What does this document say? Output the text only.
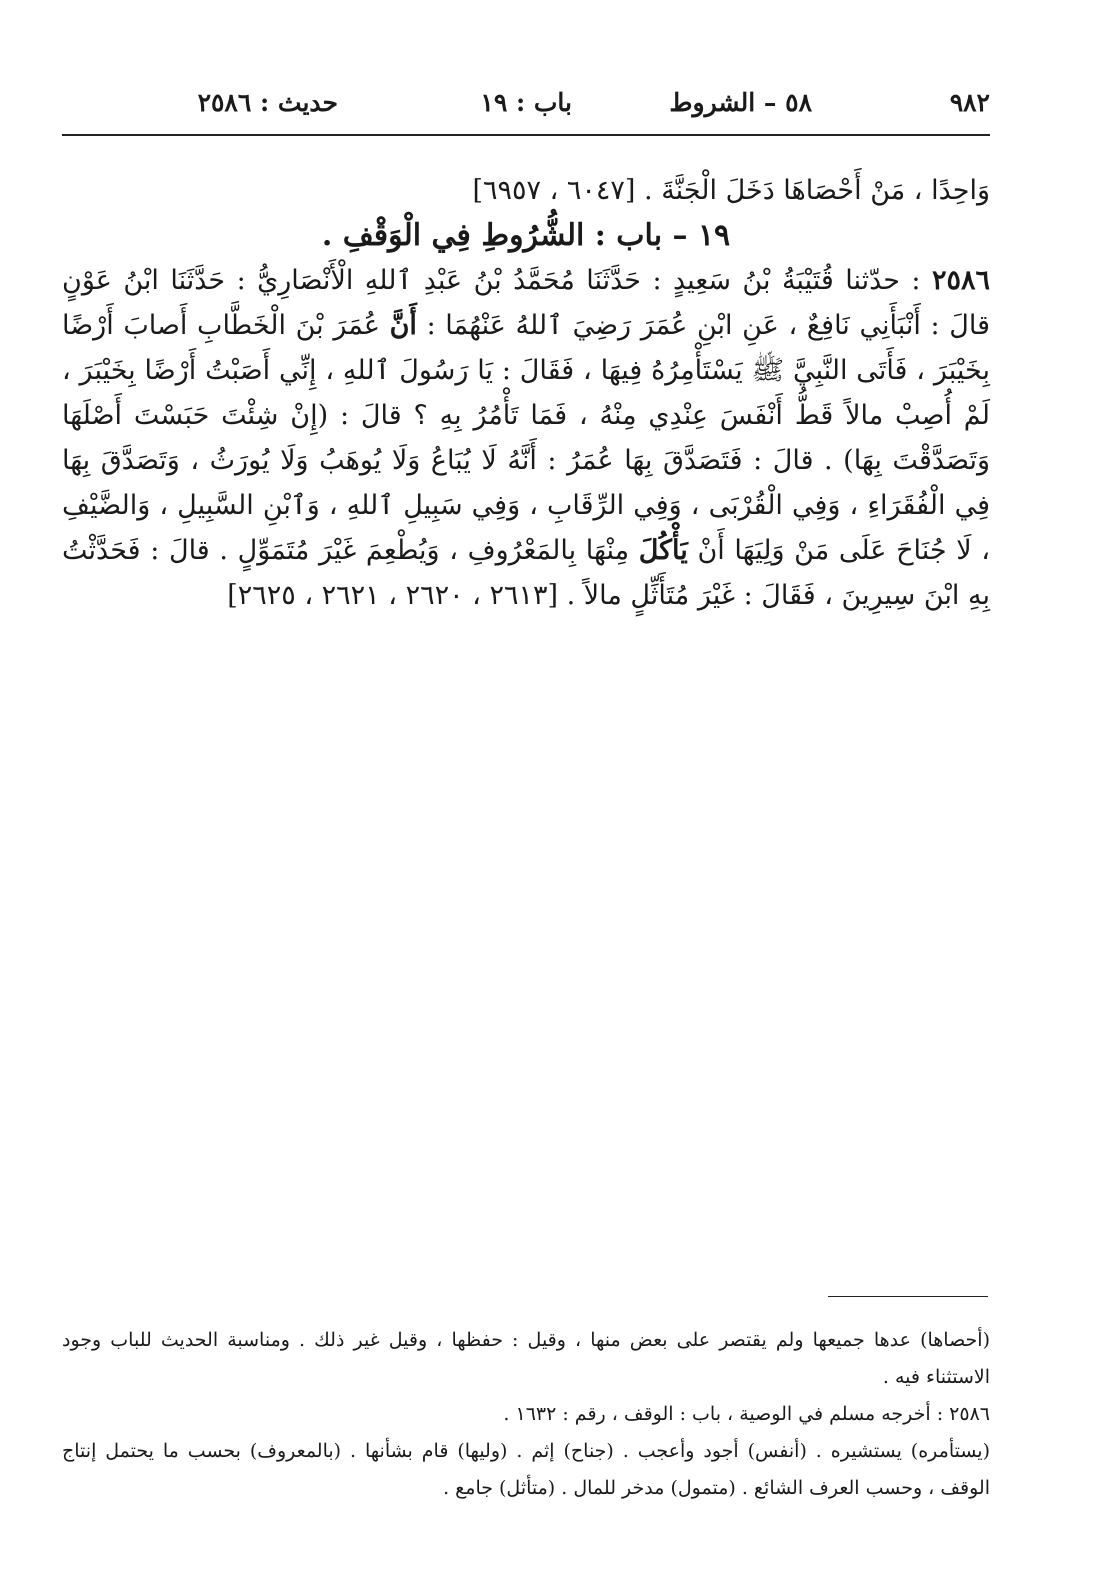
٩٨٢
٥٨ – الشروط
باب : ١٩
حديث : ٢٥٨٦

وَاحِدًا ، مَنْ أَحْصَاهَا دَخَلَ الْجَنَّةَ . [٦٠٤٧ ، ٦٩٥٧]

١٩ – باب : الشُّرُوطِ فِي الْوَقْفِ .

٢٥٨٦ : حدّثنا قُتَيْبَةُ بْنُ سَعِيدٍ : حَدَّثَنَا مُحَمَّدُ بْنُ عَبْدِ ٱللهِ الْأَنْصَارِيُّ : حَدَّثَنَا ابْنُ عَوْنٍ قالَ : أَنْبَأَنِي نَافِعٌ ، عَنِ ابْنِ عُمَرَ رَضِيَ ٱللهُ عَنْهُمَا : أَنَّ عُمَرَ بْنَ الْخَطَّابِ أَصابَ أَرْضًا بِخَيْبَرَ ، فَأَتَى النَّبِيَّ ﷺ يَسْتَأْمِرُهُ فِيهَا ، فَقَالَ : يَا رَسُولَ ٱللهِ ، إِنِّي أَصَبْتُ أَرْضًا بِخَيْبَرَ ، لَمْ أُصِبْ مالاً قَطُّ أَنْفَسَ عِنْدِي مِنْهُ ، فَمَا تَأْمُرُ بِهِ ؟ قالَ : (إِنْ شِئْتَ حَبَسْتَ أَصْلَهَا وَتَصَدَّقْتَ بِهَا) . قالَ : فَتَصَدَّقَ بِهَا عُمَرُ : أَنَّهُ لَا يُبَاعُ وَلَا يُوهَبُ وَلَا يُورَثُ ، وَتَصَدَّقَ بِهَا فِي الْفُقَرَاءِ ، وَفِي الْقُرْبَى ، وَفِي الرِّقَابِ ، وَفِي سَبِيلِ ٱللهِ ، وَٱبْنِ السَّبِيلِ ، وَالضَّيْفِ ، لَا جُنَاحَ عَلَى مَنْ وَلِيَهَا أَنْ يَأْكُلَ مِنْهَا بِالمَعْرُوفِ ، وَيُطْعِمَ غَيْرَ مُتَمَوِّلٍ . قالَ : فَحَدَّثْتُ بِهِ ابْنَ سِيرِينَ ، فَقَالَ : غَيْرَ مُتَأَثِّلٍ مالاً . [٢٦١٣ ، ٢٦٢٠ ، ٢٦٢١ ، ٢٦٢٥]

(أحصاها) عدها جميعها ولم يقتصر على بعض منها ، وقيل : حفظها ، وقيل غير ذلك . ومناسبة الحديث للباب وجود الاستثناء فيه .

٢٥٨٦ : أخرجه مسلم في الوصية ، باب : الوقف ، رقم : ١٦٣٢ .

(يستأمره) يستشيره . (أنفس) أجود وأعجب . (جناح) إثم . (وليها) قام بشأنها . (بالمعروف) بحسب ما يحتمل إنتاج الوقف ، وحسب العرف الشائع . (متمول) مدخر للمال . (متأثل) جامع .
